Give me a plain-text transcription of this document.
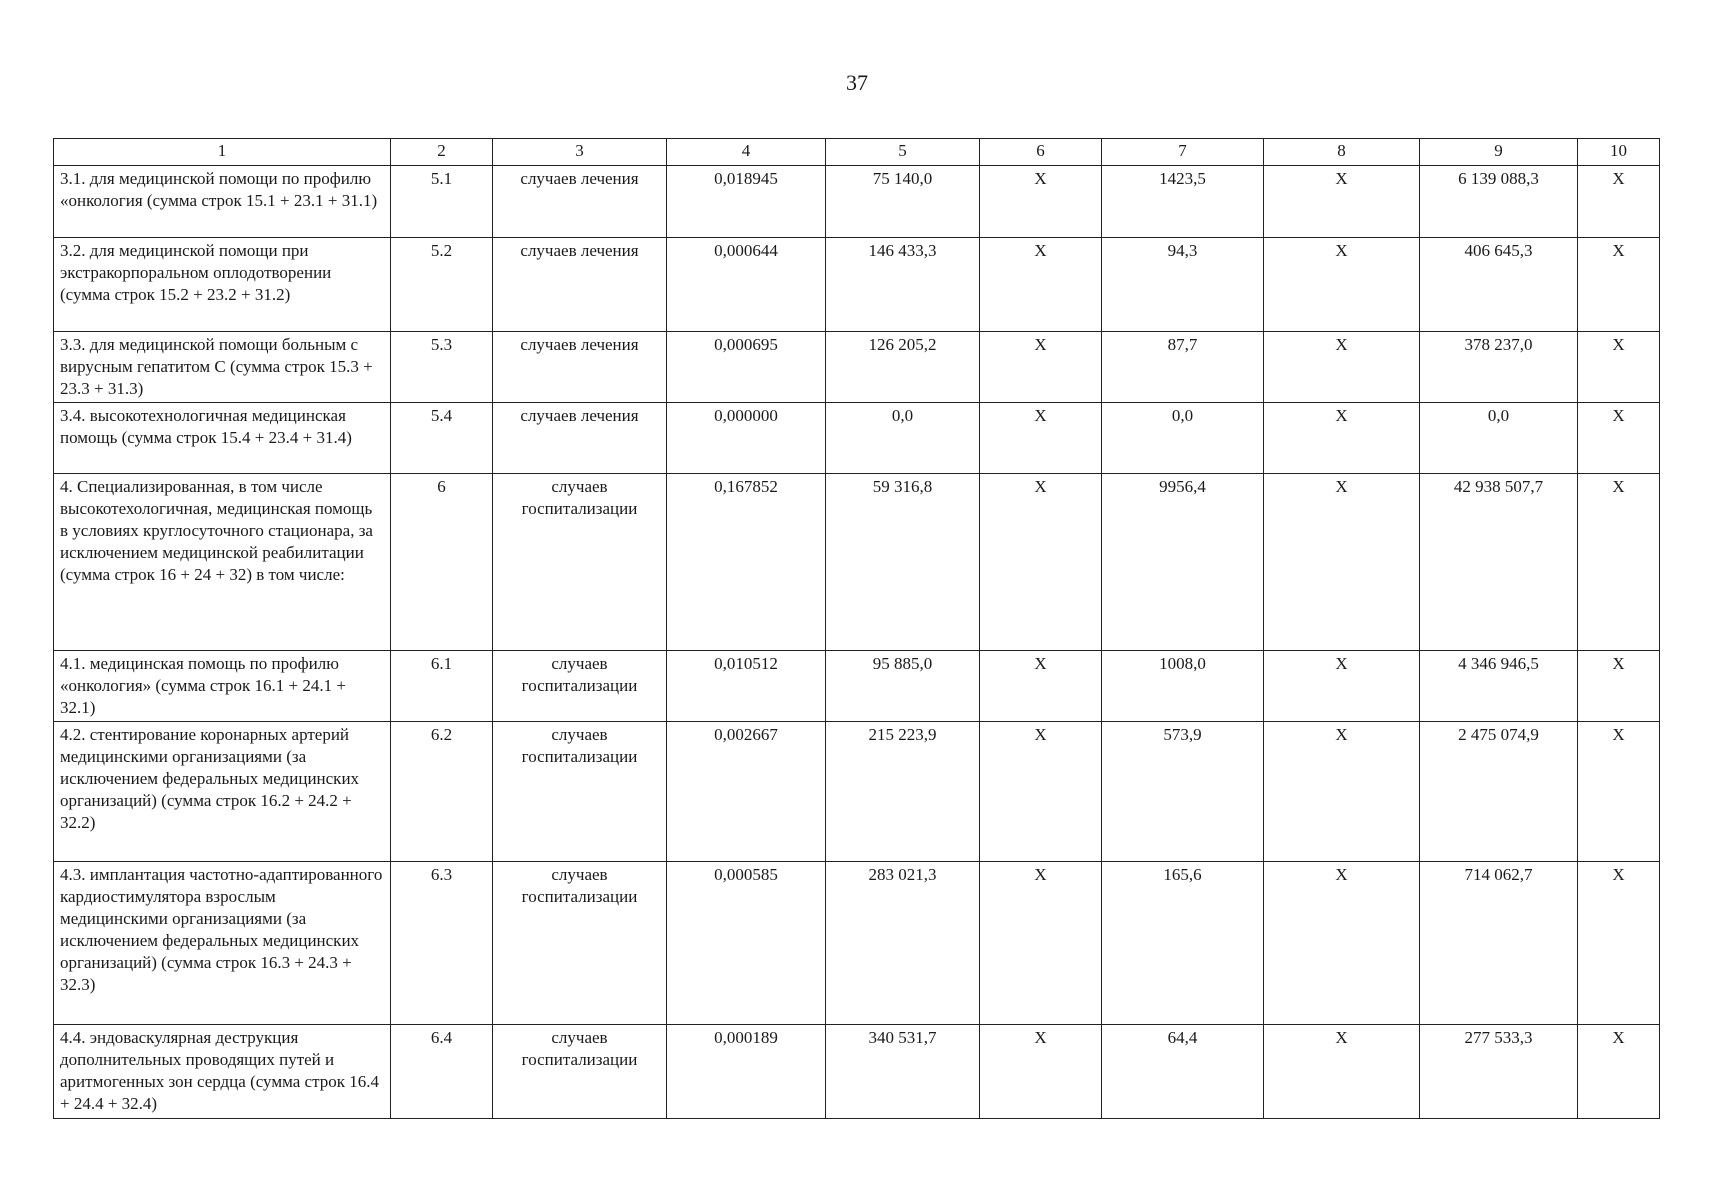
37
1	2	3	4	5	6	7	8	9	10
3.1. для медицинской помощи по профилю «онкология (сумма строк 15.1 + 23.1 + 31.1)	5.1	случаев лечения	0,018945	75 140,0	X	1423,5	X	6 139 088,3	X
3.2. для медицинской помощи при экстракорпоральном оплодотворении (сумма строк 15.2 + 23.2 + 31.2)	5.2	случаев лечения	0,000644	146 433,3	X	94,3	X	406 645,3	X
3.3. для медицинской помощи больным с вирусным гепатитом С (сумма строк 15.3 + 23.3 + 31.3)	5.3	случаев лечения	0,000695	126 205,2	X	87,7	X	378 237,0	X
3.4. высокотехнологичная медицинская помощь (сумма строк 15.4 + 23.4 + 31.4)	5.4	случаев лечения	0,000000	0,0	X	0,0	X	0,0	X
4. Специализированная, в том числе высокотехологичная, медицинская помощь в условиях круглосуточного стационара, за исключением медицинской реабилитации (сумма строк 16 + 24 + 32) в том числе:	6	случаев госпитализации	0,167852	59 316,8	X	9956,4	X	42 938 507,7	X
4.1. медицинская помощь по профилю «онкология» (сумма строк 16.1 + 24.1 + 32.1)	6.1	случаев госпитализации	0,010512	95 885,0	X	1008,0	X	4 346 946,5	X
4.2. стентирование коронарных артерий медицинскими организациями (за исключением федеральных медицинских организаций) (сумма строк 16.2 + 24.2 + 32.2)	6.2	случаев госпитализации	0,002667	215 223,9	X	573,9	X	2 475 074,9	X
4.3. имплантация частотно-адаптированного кардиостимулятора взрослым медицинскими организациями (за исключением федеральных медицинских организаций) (сумма строк 16.3 + 24.3 + 32.3)	6.3	случаев госпитализации	0,000585	283 021,3	X	165,6	X	714 062,7	X
4.4. эндоваскулярная деструкция дополнительных проводящих путей и аритмогенных зон сердца (сумма строк 16.4 + 24.4 + 32.4)	6.4	случаев госпитализации	0,000189	340 531,7	X	64,4	X	277 533,3	X
